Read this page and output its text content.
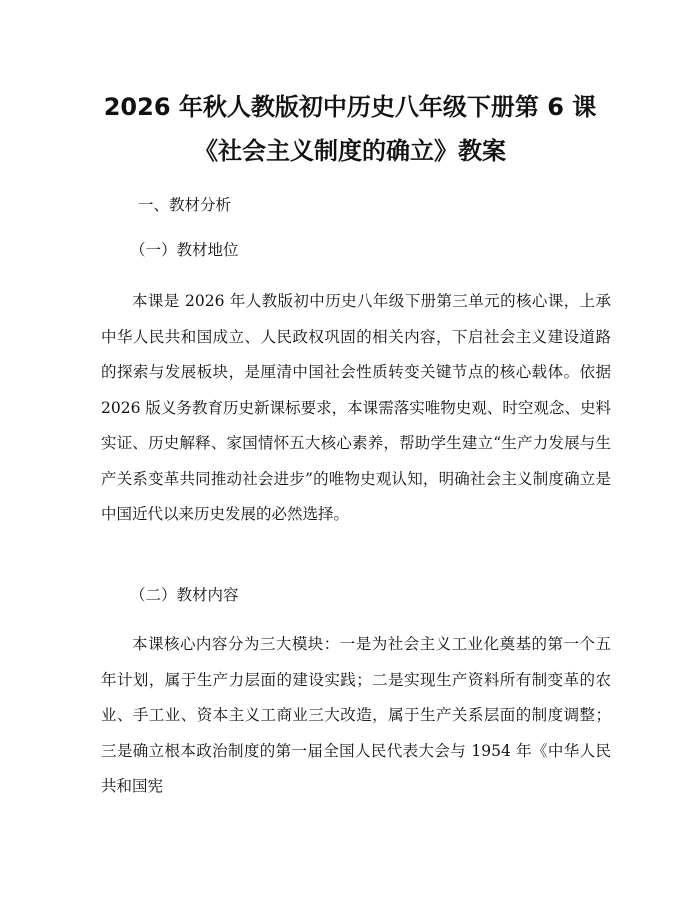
2026 年秋人教版初中历史八年级下册第 6 课
《社会主义制度的确立》教案
一、教材分析
（一）教材地位
本课是 2026 年人教版初中历史八年级下册第三单元的核心课，上承中华人民共和国成立、人民政权巩固的相关内容，下启社会主义建设道路的探索与发展板块，是厘清中国社会性质转变关键节点的核心载体。依据 2026 版义务教育历史新课标要求，本课需落实唯物史观、时空观念、史料实证、历史解释、家国情怀五大核心素养，帮助学生建立“生产力发展与生产关系变革共同推动社会进步”的唯物史观认知，明确社会主义制度确立是中国近代以来历史发展的必然选择。
（二）教材内容
本课核心内容分为三大模块：一是为社会主义工业化奠基的第一个五年计划，属于生产力层面的建设实践；二是实现生产资料所有制变革的农业、手工业、资本主义工商业三大改造，属于生产关系层面的制度调整；三是确立根本政治制度的第一届全国人民代表大会与 1954 年《中华人民共和国宪
